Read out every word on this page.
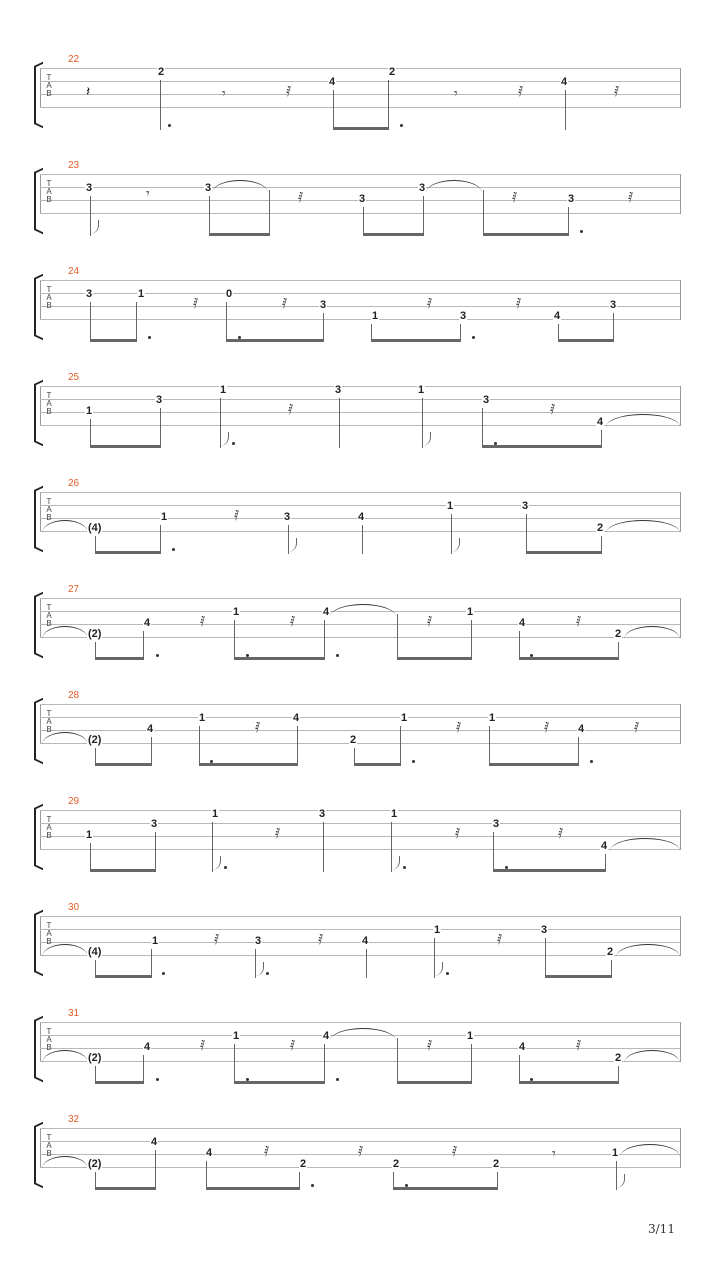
22
T
A
B 𝄽
2
𝄾	𝅀
4
2
𝄾	𝅀
4
𝅀
23
T
A
B
3	𝄾	3
𝅀	3
3
𝅀	3	𝅀
24
T
A
B
3	1
𝅀
0
𝅀	3
1
𝅀
3
𝅀
4
3
25
T
A
B	1
3
1
𝅀
3	1
3
𝅀
4
26
T
A
B
(4)
1	𝅀	3	4
1	3
2
27
T
A
B
(2)
4	𝅀
1
𝅀
4
𝅀
1
4	𝅀
2
28
T
A
B
(2)
4
1
𝅀
4
2
1
𝅀
1
𝅀	4	𝅀
29
T
A
B	1
3
1
𝅀
3	1
𝅀
3
𝅀
4
30
T
A
B
(4)
1	𝅀	3	𝅀	4
1
𝅀
3
2
31
T
A
B
(2)
4	𝅀
1
𝅀
4
𝅀
1
4	𝅀
2
32
T
A
B
(2)
4
4	𝅀
2
𝅀
2
𝅀
2
𝄾	1
3/11
